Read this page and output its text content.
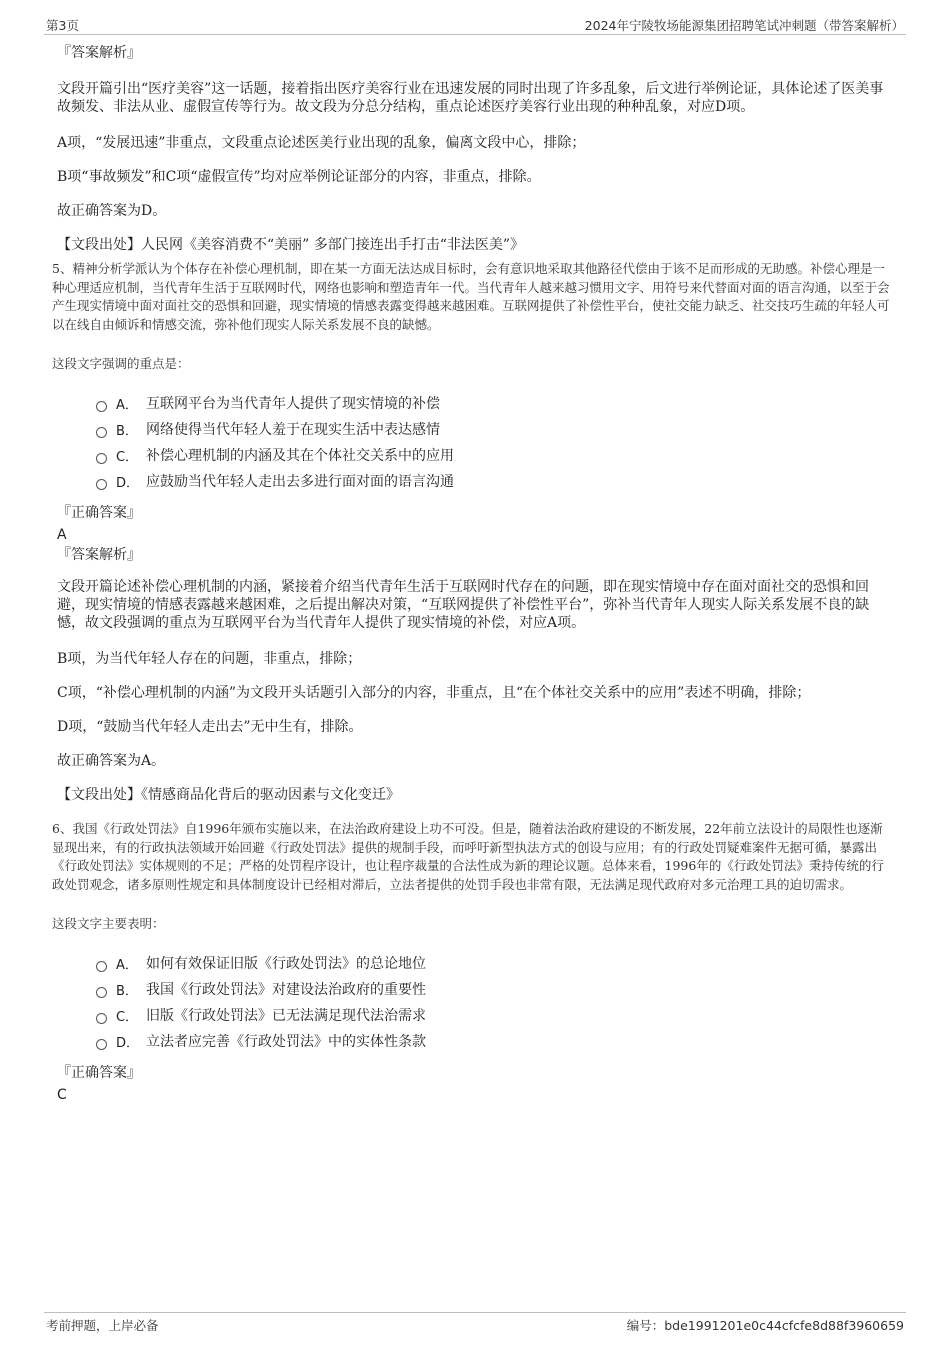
第3页	2024年宁陵牧场能源集团招聘笔试冲刺题（带答案解析）
『答案解析』
文段开篇引出“医疗美容”这一话题，接着指出医疗美容行业在迅速发展的同时出现了许多乱象，后文进行举例论证，具体论述了医美事故频发、非法从业、虚假宣传等行为。故文段为分总分结构，重点论述医疗美容行业出现的种种乱象，对应D项。
A项，“发展迅速”非重点，文段重点论述医美行业出现的乱象，偏离文段中心，排除；
B项“事故频发”和C项“虚假宣传”均对应举例论证部分的内容，非重点，排除。
故正确答案为D。
【文段出处】人民网《美容消费不“美丽” 多部门接连出手打击“非法医美”》
5、精神分析学派认为个体存在补偿心理机制，即在某一方面无法达成目标时，会有意识地采取其他路径代偿由于该不足而形成的无助感。补偿心理是一种心理适应机制，当代青年生活于互联网时代，网络也影响和塑造青年一代。当代青年人越来越习惯用文字、用符号来代替面对面的语言沟通，以至于会产生现实情境中面对面社交的恐惧和回避，现实情境的情感表露变得越来越困难。互联网提供了补偿性平台，使社交能力缺乏、社交技巧生疏的年轻人可以在线自由倾诉和情感交流，弥补他们现实人际关系发展不良的缺憾。
这段文字强调的重点是：
A． 互联网平台为当代青年人提供了现实情境的补偿
B． 网络使得当代年轻人羞于在现实生活中表达感情
C． 补偿心理机制的内涵及其在个体社交关系中的应用
D． 应鼓励当代年轻人走出去多进行面对面的语言沟通
『正确答案』
A
『答案解析』
文段开篇论述补偿心理机制的内涵，紧接着介绍当代青年生活于互联网时代存在的问题，即在现实情境中存在面对面社交的恐惧和回避，现实情境的情感表露越来越困难，之后提出解决对策，“互联网提供了补偿性平台”，弥补当代青年人现实人际关系发展不良的缺憾，故文段强调的重点为互联网平台为当代青年人提供了现实情境的补偿，对应A项。
B项，为当代年轻人存在的问题，非重点，排除；
C项，“补偿心理机制的内涵”为文段开头话题引入部分的内容，非重点，且“在个体社交关系中的应用”表述不明确，排除；
D项，“鼓励当代年轻人走出去”无中生有，排除。
故正确答案为A。
【文段出处】《情感商品化背后的驱动因素与文化变迁》
6、我国《行政处罚法》自1996年颁布实施以来，在法治政府建设上功不可没。但是，随着法治政府建设的不断发展，22年前立法设计的局限性也逐渐显现出来，有的行政执法领域开始回避《行政处罚法》提供的规制手段，而呼吁新型执法方式的创设与应用；有的行政处罚疑难案件无据可循，暴露出《行政处罚法》实体规则的不足；严格的处罚程序设计，也让程序裁量的合法性成为新的理论议题。总体来看，1996年的《行政处罚法》秉持传统的行政处罚观念，诸多原则性规定和具体制度设计已经相对滞后，立法者提供的处罚手段也非常有限，无法满足现代政府对多元治理工具的迫切需求。
这段文字主要表明：
A． 如何有效保证旧版《行政处罚法》的总论地位
B． 我国《行政处罚法》对建设法治政府的重要性
C． 旧版《行政处罚法》已无法满足现代法治需求
D． 立法者应完善《行政处罚法》中的实体性条款
『正确答案』
C
考前押题，上岸必备	编号：bde1991201e0c44cfcfe8d88f3960659
